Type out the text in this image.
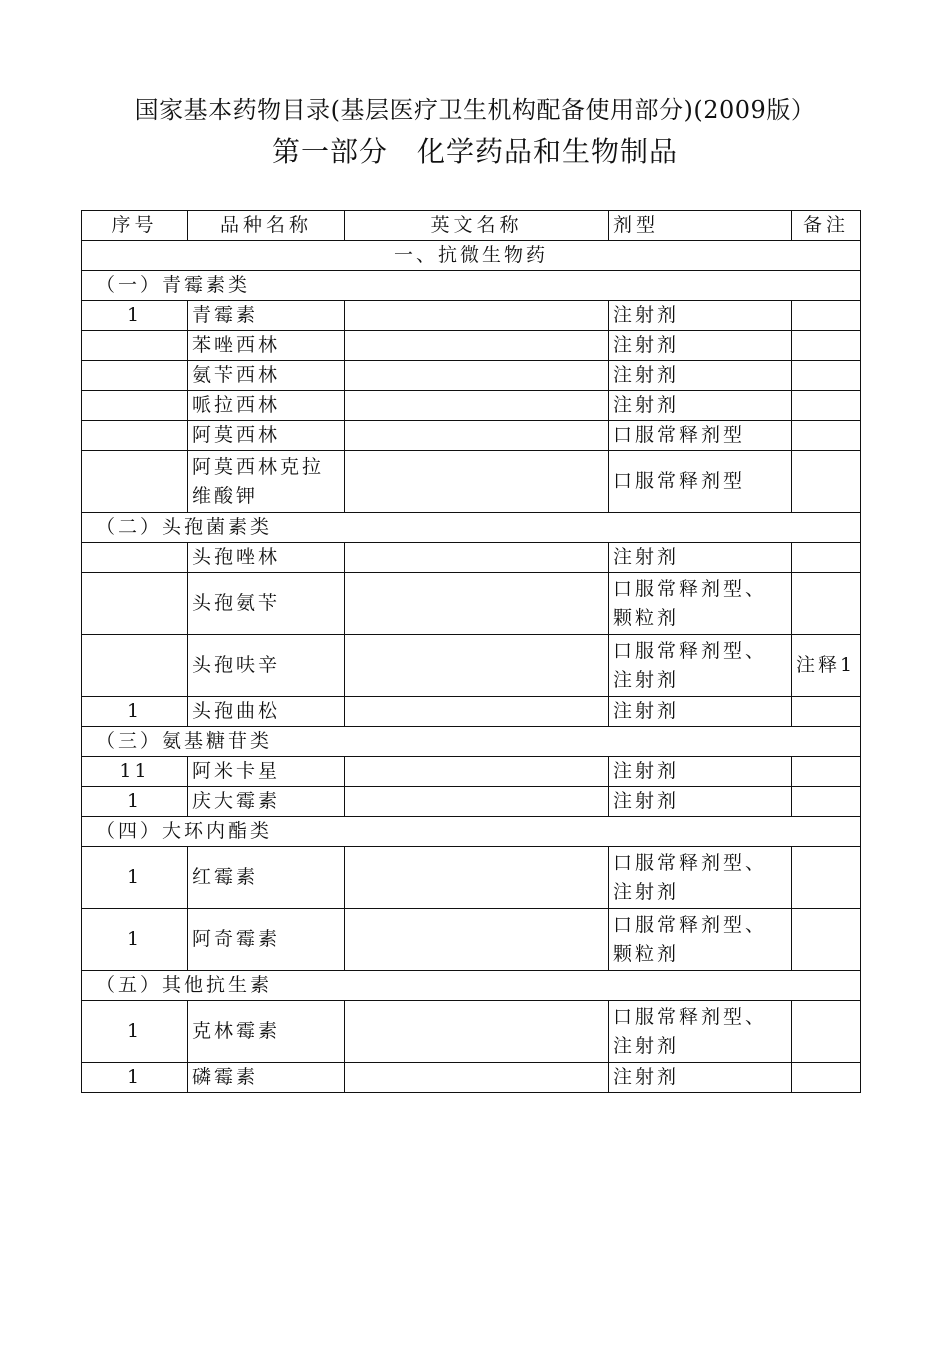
国家基本药物目录(基层医疗卫生机构配备使用部分)(2009版）
第一部分　化学药品和生物制品
序号	品种名称	英文名称	剂型	备注
一、抗微生物药				
（一）青霉素类				
1	青霉素		注射剂	
	苯唑西林		注射剂	
	氨苄西林		注射剂	
	哌拉西林		注射剂	
	阿莫西林		口服常释剂型	
	阿莫西林克拉维酸钾		口服常释剂型	
（二）头孢菌素类				
	头孢唑林		注射剂	
	头孢氨苄		口服常释剂型、颗粒剂	
	头孢呋辛		口服常释剂型、注射剂	注释1
1	头孢曲松		注射剂	
（三）氨基糖苷类				
11	阿米卡星		注射剂	
1	庆大霉素		注射剂	
（四）大环内酯类				
1	红霉素		口服常释剂型、注射剂	
1	阿奇霉素		口服常释剂型、颗粒剂	
（五）其他抗生素				
1	克林霉素		口服常释剂型、注射剂	
1	磷霉素		注射剂	
